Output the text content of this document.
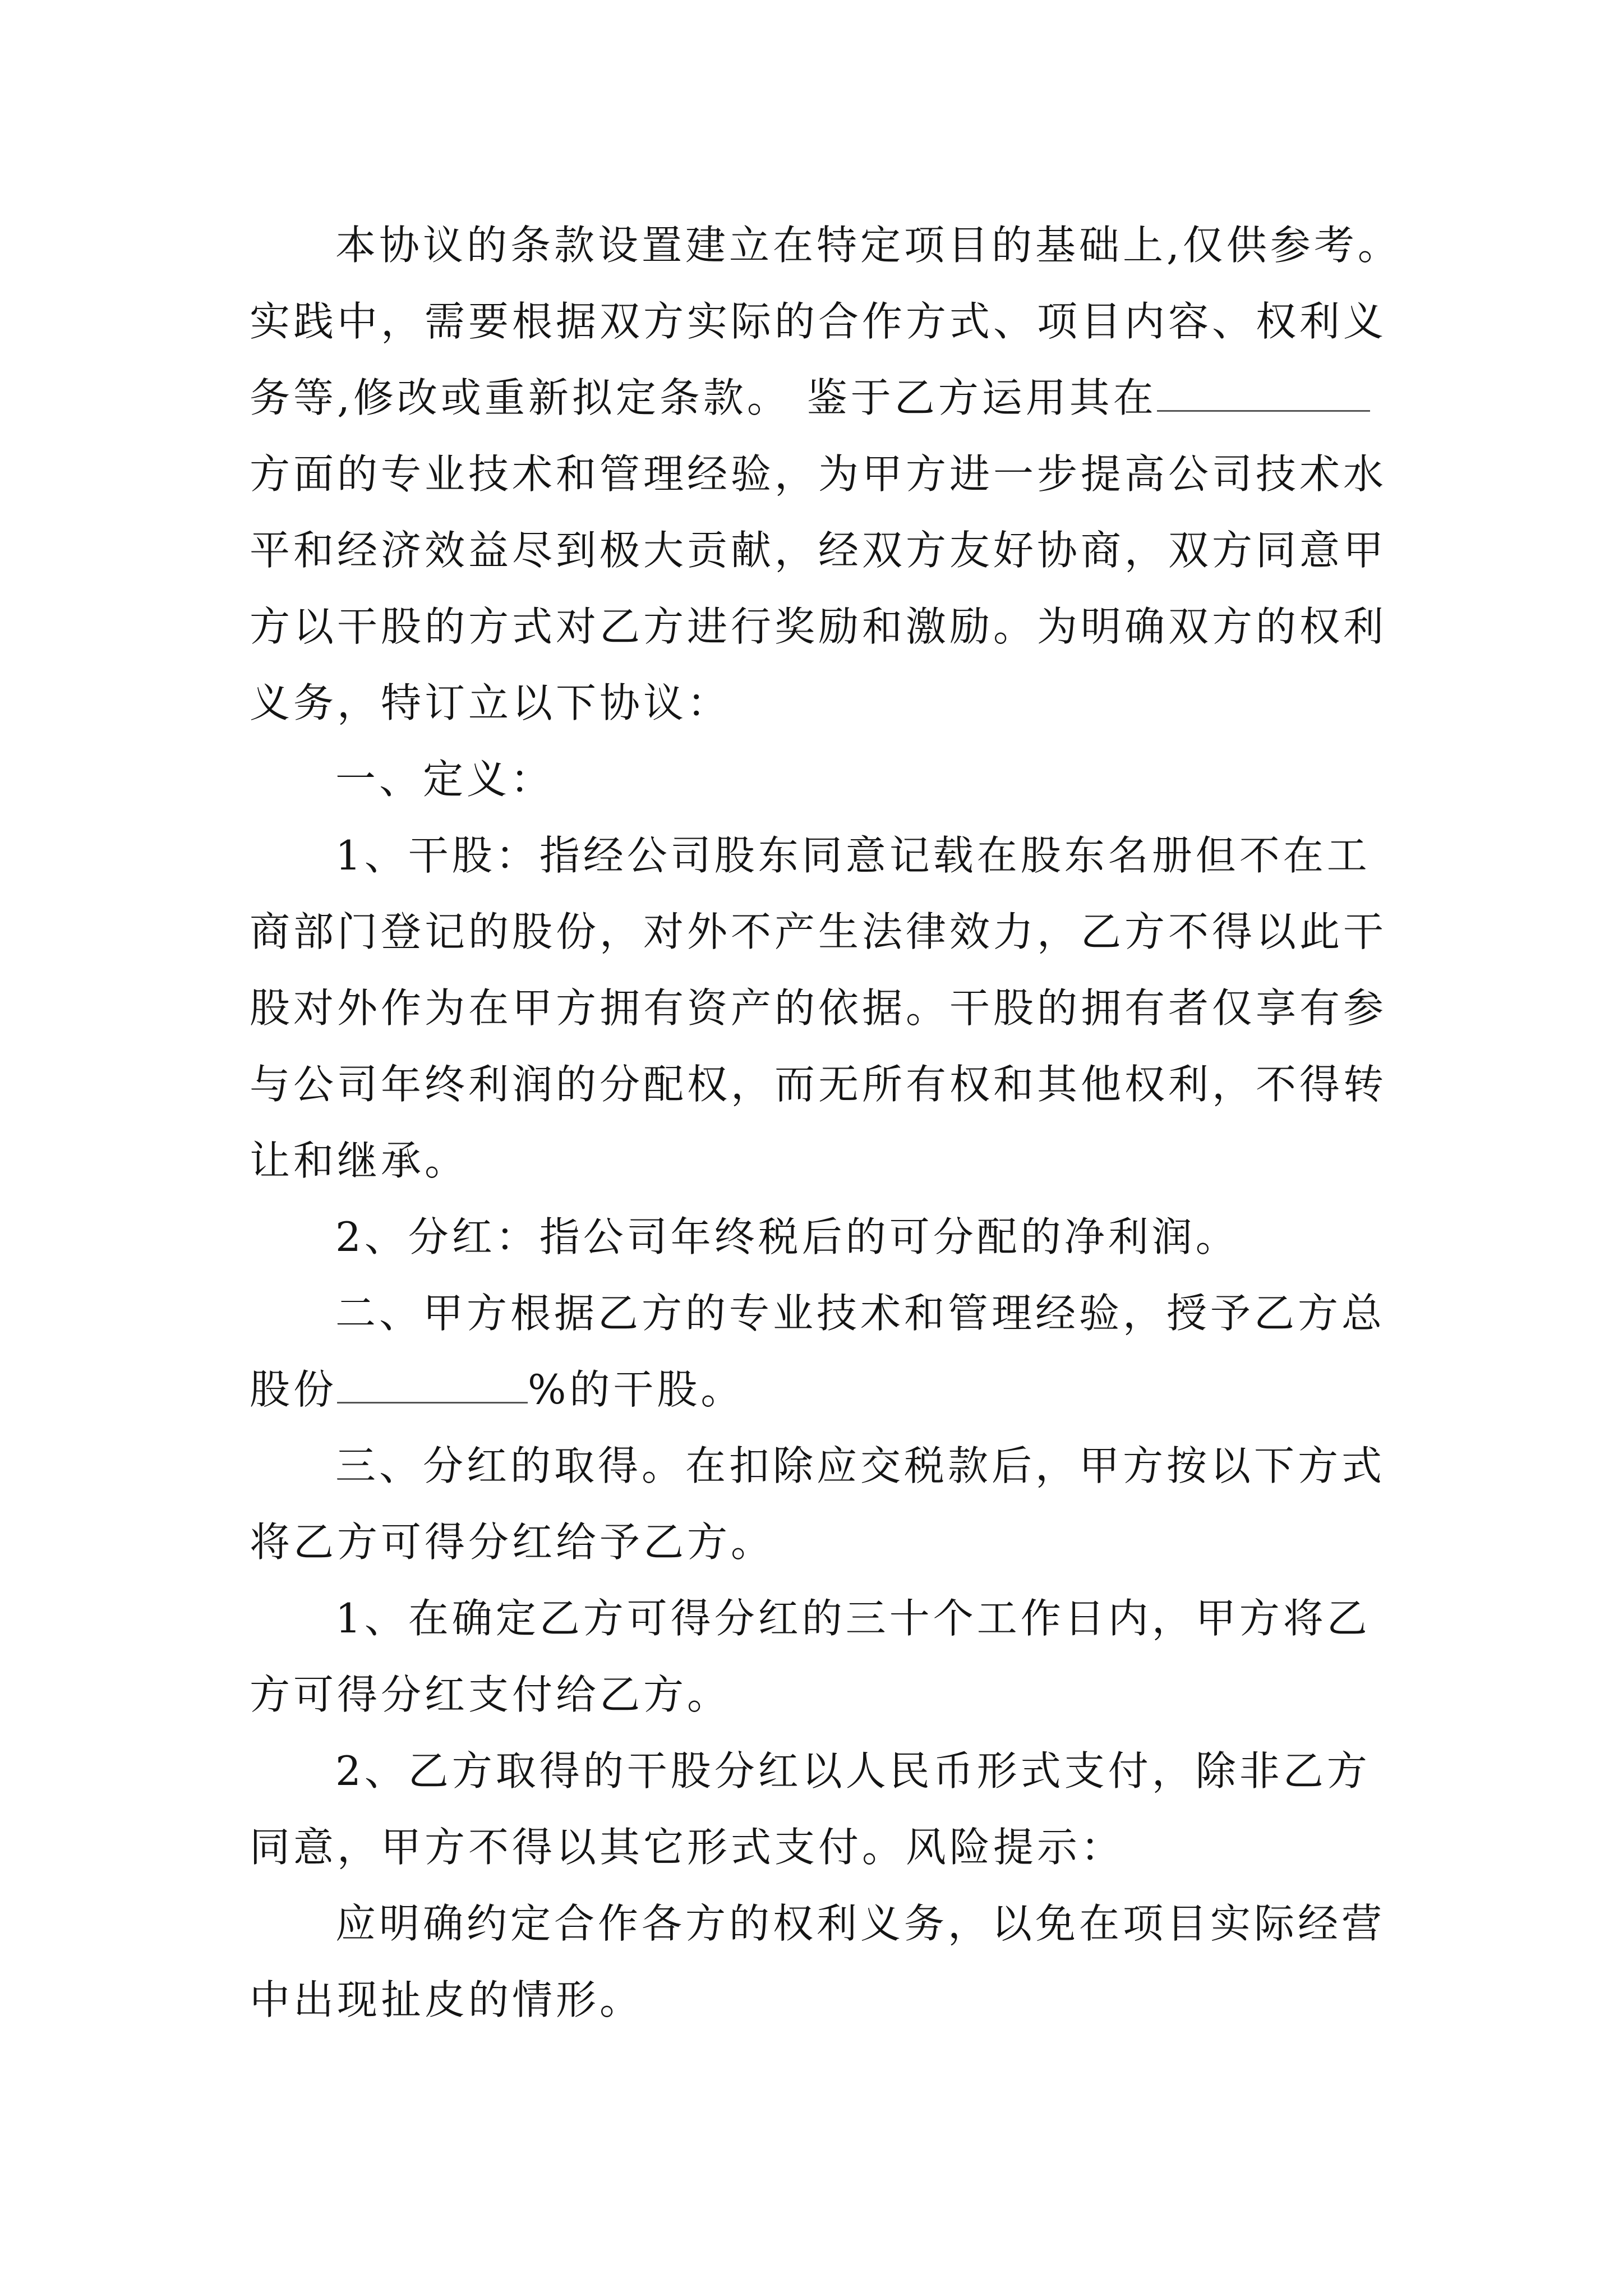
本协议的条款设置建立在特定项目的基础上,仅供参考。
实践中，需要根据双方实际的合作方式、项目内容、权利义
务等,修改或重新拟定条款。 鉴于乙方运用其在
方面的专业技术和管理经验，为甲方进一步提高公司技术水
平和经济效益尽到极大贡献，经双方友好协商，双方同意甲
方以干股的方式对乙方进行奖励和激励。为明确双方的权利
义务，特订立以下协议：
一、定义：
1、干股：指经公司股东同意记载在股东名册但不在工
商部门登记的股份，对外不产生法律效力，乙方不得以此干
股对外作为在甲方拥有资产的依据。干股的拥有者仅享有参
与公司年终利润的分配权，而无所有权和其他权利，不得转
让和继承。
2、分红：指公司年终税后的可分配的净利润。
二、甲方根据乙方的专业技术和管理经验，授予乙方总
股份	%的干股。
三、分红的取得。在扣除应交税款后，甲方按以下方式
将乙方可得分红给予乙方。
1、在确定乙方可得分红的三十个工作日内，甲方将乙
方可得分红支付给乙方。
2、乙方取得的干股分红以人民币形式支付，除非乙方
同意，甲方不得以其它形式支付。风险提示：
应明确约定合作各方的权利义务，以免在项目实际经营
中出现扯皮的情形。
